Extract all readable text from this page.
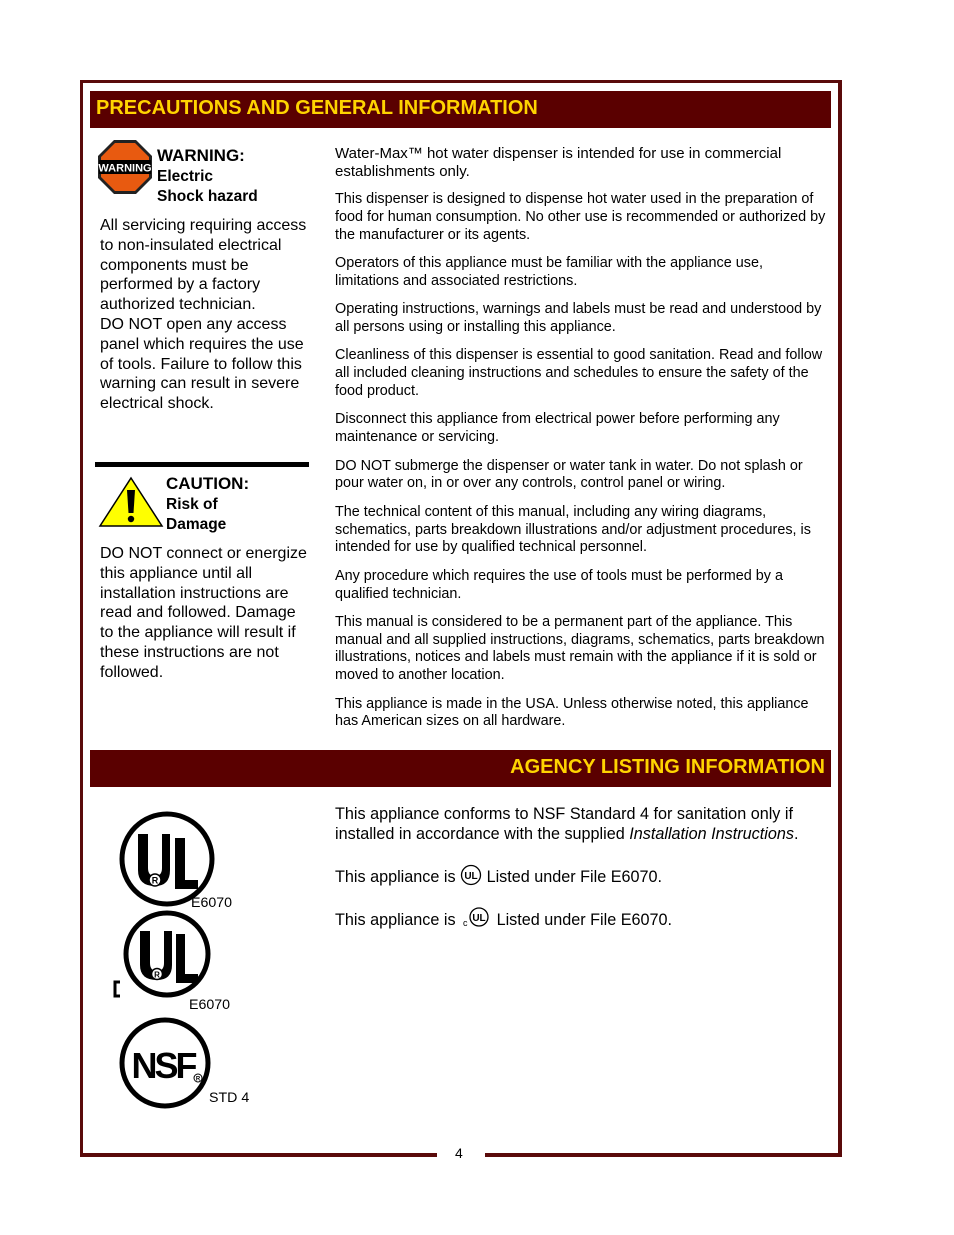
PRECAUTIONS AND GENERAL INFORMATION
WARNING
WARNING:
Electric
Shock hazard

All servicing requiring access to non-insulated electrical components must be performed by a factory authorized technician.

DO NOT open any access panel which requires the use of tools. Failure to follow this warning can result in severe electrical shock.

CAUTION:
Risk of
Damage

DO NOT connect or energize this appliance until all installation instructions are read and followed. Damage to the appliance will result if these instructions are not followed.

Water-Max™ hot water dispenser is intended for use in commercial establishments only.

This dispenser is designed to dispense hot water used in the preparation of food for human consumption. No other use is recommended or authorized by the manufacturer or its agents.

Operators of this appliance must be familiar with the appliance use, limitations and associated restrictions.

Operating instructions, warnings and labels must be read and understood by all persons using or installing this appliance.

Cleanliness of this dispenser is essential to good sanitation. Read and follow all included cleaning instructions and schedules to ensure the safety of the food product.

Disconnect this appliance from electrical power before performing any maintenance or servicing.

DO NOT submerge the dispenser or water tank in water. Do not splash or pour water on, in or over any controls, control panel or wiring.

The technical content of this manual, including any wiring diagrams, schematics, parts breakdown illustrations and/or adjustment procedures, is intended for use by qualified technical personnel.

Any procedure which requires the use of tools must be performed by a qualified technician.

This manual is considered to be a permanent part of the appliance. This manual and all supplied instructions, diagrams, schematics, parts breakdown illustrations, notices and labels must remain with the appliance if it is sold or moved to another location.

This appliance is made in the USA. Unless otherwise noted, this appliance has American sizes on all hardware.

AGENCY LISTING INFORMATION
R
E6070
R
E6070
NSF R
STD 4

This appliance conforms to NSF Standard 4 for sanitation only if installed in accordance with the supplied Installation Instructions.

This appliance is UL Listed under File E6070.

This appliance is c UL Listed under File E6070.

4
